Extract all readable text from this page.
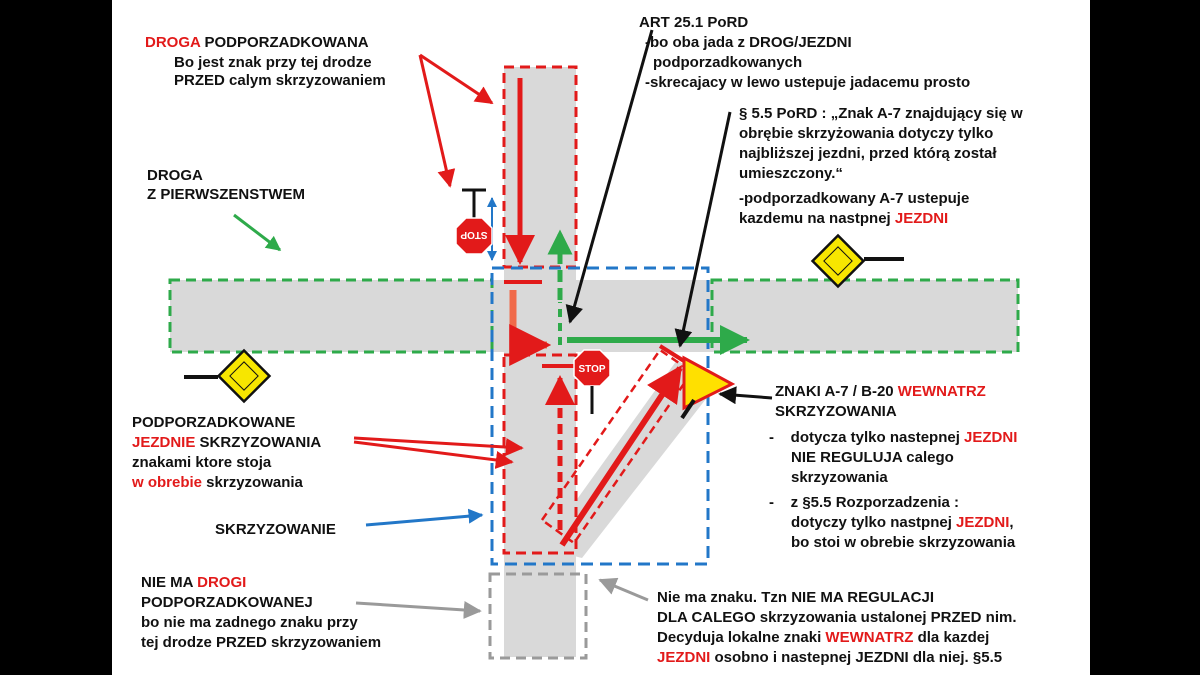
STOP
STOP
DROGA PODPORZADKOWANA
Bo jest znak przy tej drodze
PRZED calym skrzyzowaniem
DROGA
Z PIERWSZENSTWEM
ART 25.1 PoRD
-bo oba jada z DROG/JEZDNI
podporzadkowanych
-skrecajacy w lewo ustepuje jadacemu prosto
§ 5.5 PoRD : „Znak A-7 znajdujący się w
obrębie skrzyżowania dotyczy tylko
najbliższej jezdni, przed którą został
umieszczony.“
-podporzadkowany A-7 ustepuje
kazdemu na nastpnej JEZDNI
PODPORZADKOWANE
JEZDNIE SKRZYZOWANIA
znakami ktore stoja
w obrebie skrzyzowania
SKRZYZOWANIE
ZNAKI A-7 / B-20 WEWNATRZ
SKRZYZOWANIA
-    dotycza tylko nastepnej JEZDNI
NIE REGULUJA calego
skrzyzowania
-    z §5.5 Rozporzadzenia :
dotyczy tylko nastpnej JEZDNI,
bo stoi w obrebie skrzyzowania
NIE MA DROGI
PODPORZADKOWANEJ
bo nie ma zadnego znaku przy
tej drodze PRZED skrzyzowaniem
Nie ma znaku. Tzn NIE MA REGULACJI
DLA CALEGO skrzyzowania ustalonej PRZED nim.
Decyduja lokalne znaki WEWNATRZ dla kazdej
JEZDNI osobno i nastepnej JEZDNI dla niej. §5.5
